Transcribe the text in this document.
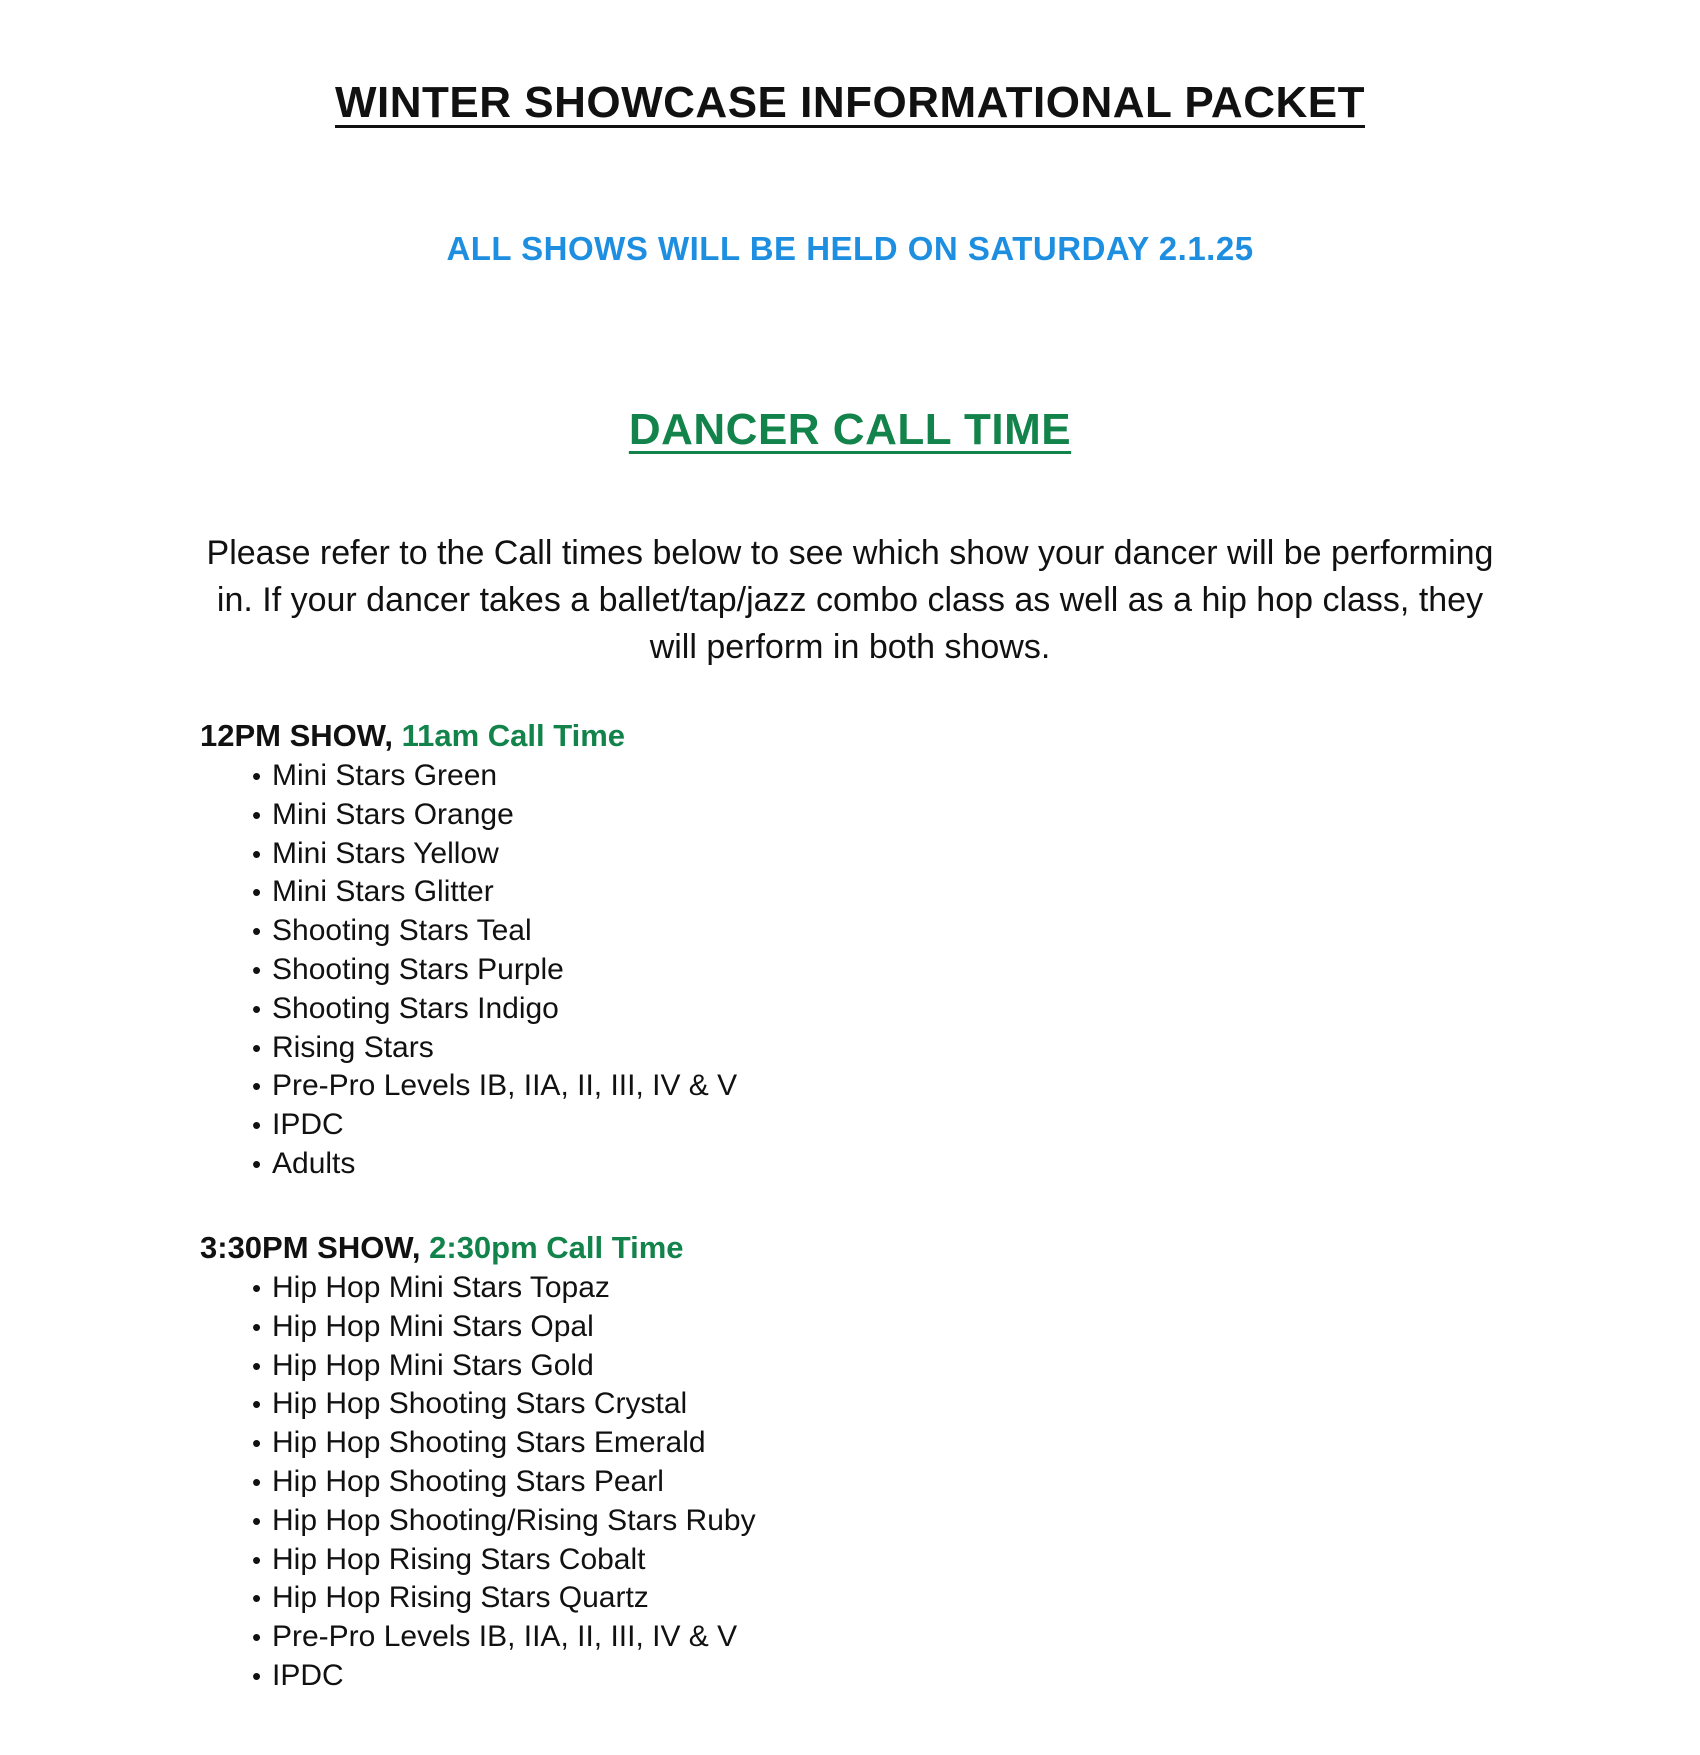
WINTER SHOWCASE INFORMATIONAL PACKET
ALL SHOWS WILL BE HELD ON SATURDAY 2.1.25
DANCER CALL TIME
Please refer to the Call times below to see which show your dancer will be performing in. If your dancer takes a ballet/tap/jazz combo class as well as a hip hop class, they will perform in both shows.
12PM SHOW, 11am Call Time
• Mini Stars Green
• Mini Stars Orange
• Mini Stars Yellow
• Mini Stars Glitter
• Shooting Stars Teal
• Shooting Stars Purple
• Shooting Stars Indigo
• Rising Stars
• Pre-Pro Levels IB, IIA, II, III, IV & V
• IPDC
• Adults
3:30PM SHOW, 2:30pm Call Time
• Hip Hop Mini Stars Topaz
• Hip Hop Mini Stars Opal
• Hip Hop Mini Stars Gold
• Hip Hop Shooting Stars Crystal
• Hip Hop Shooting Stars Emerald
• Hip Hop Shooting Stars Pearl
• Hip Hop Shooting/Rising Stars Ruby
• Hip Hop Rising Stars Cobalt
• Hip Hop Rising Stars Quartz
• Pre-Pro Levels IB, IIA, II, III, IV & V
• IPDC
